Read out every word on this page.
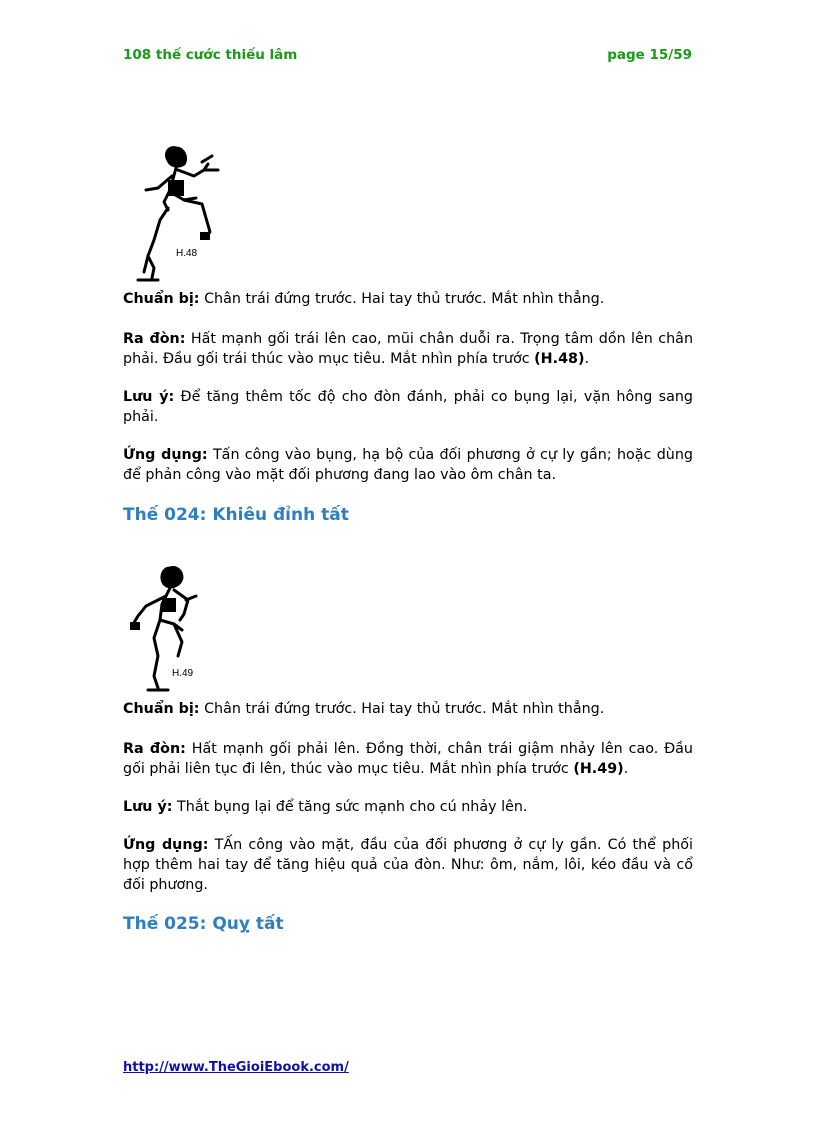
108 thế cước thiếu lâm	page 15/59
H.48
Chuẩn bị: Chân trái đứng trước. Hai tay thủ trước. Mắt nhìn thẳng.
Ra đòn: Hất mạnh gối trái lên cao, mũi chân duỗi ra. Trọng tâm dồn lên chân phải. Đầu gối trái thúc vào mục tiêu. Mắt nhìn phía trước (H.48).
Lưu ý: Để tăng thêm tốc độ cho đòn đánh, phải co bụng lại, vặn hông sang phải.
Ứng dụng: Tấn công vào bụng, hạ bộ của đối phương ở cự ly gần; hoặc dùng để phản công vào mặt đối phương đang lao vào ôm chân ta.
Thế 024: Khiêu đỉnh tất
H.49
Chuẩn bị: Chân trái đứng trước. Hai tay thủ trước. Mắt nhìn thẳng.
Ra đòn: Hất mạnh gối phải lên. Đồng thời, chân trái giậm nhảy lên cao. Đầu gối phải liên tục đi lên, thúc vào mục tiêu. Mắt nhìn phía trước (H.49).
Lưu ý: Thắt bụng lại để tăng sức mạnh cho cú nhảy lên.
Ứng dụng: TẤn công vào mặt, đầu của đối phương ở cự ly gần. Có thể phối hợp thêm hai tay để tăng hiệu quả của đòn. Như: ôm, nắm, lôi, kéo đầu và cổ đối phương.
Thế 025: Quỵ tất
http://www.TheGioiEbook.com/
